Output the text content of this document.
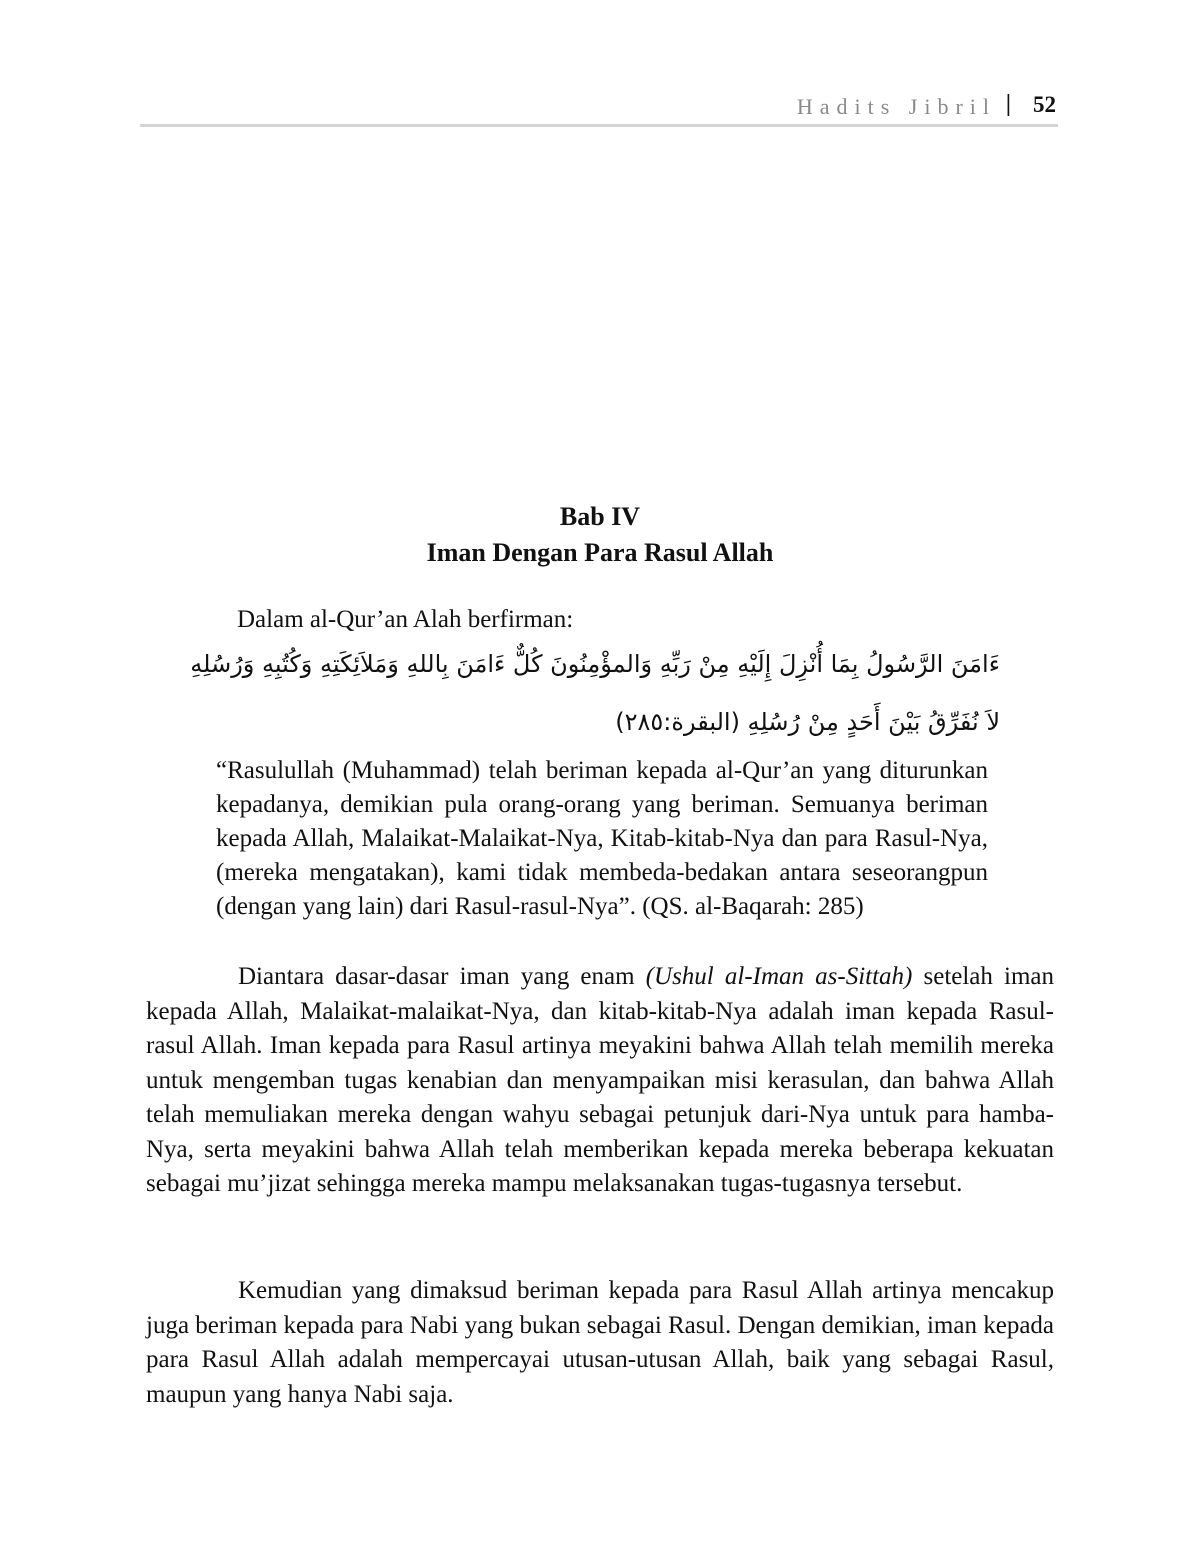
Hadits Jibril | 52
Bab IV
Iman Dengan Para Rasul Allah
Dalam al-Qur’an Alah berfirman:
ءَامَنَ الرَّسُولُ بِمَا أُنْزِلَ إِلَيْهِ مِنْ رَبِّهِ وَالمؤْمِنُونَ كُلٌّ ءَامَنَ بِاللهِ وَمَلاَئِكَتِهِ وَكُتُبِهِ وَرُسُلِهِ
لاَ نُفَرِّقُ بَيْنَ أَحَدٍ مِنْ رُسُلِهِ (البقرة:٢٨٥)

“Rasulullah (Muhammad) telah beriman kepada al-Qur’an yang diturunkan kepadanya, demikian pula orang-orang yang beriman. Semuanya beriman kepada Allah, Malaikat-Malaikat-Nya, Kitab-kitab-Nya dan para Rasul-Nya, (mereka mengatakan), kami tidak membeda-bedakan antara seseorangpun (dengan yang lain) dari Rasul-rasul-Nya”. (QS. al-Baqarah: 285)

Diantara dasar-dasar iman yang enam (Ushul al-Iman as-Sittah) setelah iman kepada Allah, Malaikat-malaikat-Nya, dan kitab-kitab-Nya adalah iman kepada Rasul-rasul Allah. Iman kepada para Rasul artinya meyakini bahwa Allah telah memilih mereka untuk mengemban tugas kenabian dan menyampaikan misi kerasulan, dan bahwa Allah telah memuliakan mereka dengan wahyu sebagai petunjuk dari-Nya untuk para hamba-Nya, serta meyakini bahwa Allah telah memberikan kepada mereka beberapa kekuatan sebagai mu’jizat sehingga mereka mampu melaksanakan tugas-tugasnya tersebut.

Kemudian yang dimaksud beriman kepada para Rasul Allah artinya mencakup juga beriman kepada para Nabi yang bukan sebagai Rasul. Dengan demikian, iman kepada para Rasul Allah adalah mempercayai utusan-utusan Allah, baik yang sebagai Rasul, maupun yang hanya Nabi saja.
